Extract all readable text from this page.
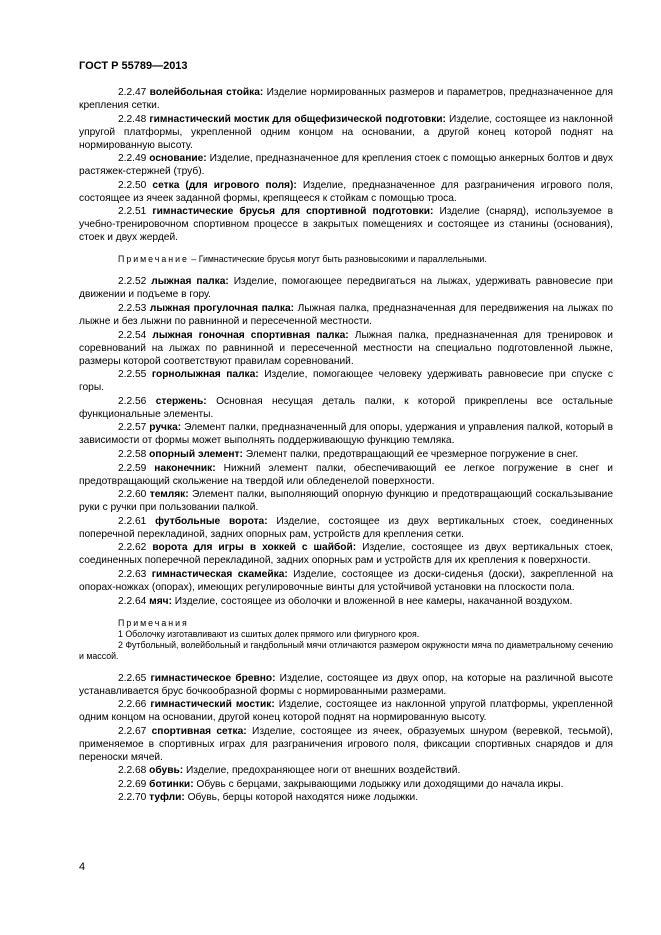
ГОСТ Р 55789—2013

2.2.47 волейбольная стойка: Изделие нормированных размеров и параметров, предназначенное для крепления сетки.

2.2.48 гимнастический мостик для общефизической подготовки: Изделие, состоящее из наклонной упругой платформы, укрепленной одним концом на основании, а другой конец которой поднят на нормированную высоту.

2.2.49 основание: Изделие, предназначенное для крепления стоек с помощью анкерных болтов и двух растяжек-стержней (труб).

2.2.50 сетка (для игрового поля): Изделие, предназначенное для разграничения игрового поля, состоящее из ячеек заданной формы, крепящееся к стойкам с помощью троса.

2.2.51 гимнастические брусья для спортивной подготовки: Изделие (снаряд), используемое в учебно-тренировочном спортивном процессе в закрытых помещениях и состоящее из станины (основания), стоек и двух жердей.

Примечание – Гимнастические брусья могут быть разновысокими и параллельными.

2.2.52 лыжная палка: Изделие, помогающее передвигаться на лыжах, удерживать равновесие при движении и подъеме в гору.

2.2.53 лыжная прогулочная палка: Лыжная палка, предназначенная для передвижения на лыжах по лыжне и без лыжни по равнинной и пересеченной местности.

2.2.54 лыжная гоночная спортивная палка: Лыжная палка, предназначенная для тренировок и соревнований на лыжах по равнинной и пересеченной местности на специально подготовленной лыжне, размеры которой соответствуют правилам соревнований.

2.2.55 горнолыжная палка: Изделие, помогающее человеку удерживать равновесие при спуске с горы.

2.2.56 стержень: Основная несущая деталь палки, к которой прикреплены все остальные функциональные элементы.

2.2.57 ручка: Элемент палки, предназначенный для опоры, удержания и управления палкой, который в зависимости от формы может выполнять поддерживающую функцию темляка.

2.2.58 опорный элемент: Элемент палки, предотвращающий ее чрезмерное погружение в снег.

2.2.59 наконечник: Нижний элемент палки, обеспечивающий ее легкое погружение в снег и предотвращающий скольжение на твердой или обледенелой поверхности.

2.2.60 темляк: Элемент палки, выполняющий опорную функцию и предотвращающий соскальзывание руки с ручки при пользовании палкой.

2.2.61 футбольные ворота: Изделие, состоящее из двух вертикальных стоек, соединенных поперечной перекладиной, задних опорных рам, устройств для крепления сетки.

2.2.62 ворота для игры в хоккей с шайбой: Изделие, состоящее из двух вертикальных стоек, соединенных поперечной перекладиной, задних опорных рам и устройств для их крепления к поверхности.

2.2.63 гимнастическая скамейка: Изделие, состоящее из доски-сиденья (доски), закрепленной на опорах-ножках (опорах), имеющих регулировочные винты для устойчивой установки на плоскости пола.

2.2.64 мяч: Изделие, состоящее из оболочки и вложенной в нее камеры, накачанной воздухом.

Примечания

1 Оболочку изготавливают из сшитых долек прямого или фигурного кроя.

2 Футбольный, волейбольный и гандбольный мячи отличаются размером окружности мяча по диаметральному сечению и массой.

2.2.65 гимнастическое бревно: Изделие, состоящее из двух опор, на которые на различной высоте устанавливается брус бочкообразной формы с нормированными размерами.

2.2.66 гимнастический мостик: Изделие, состоящее из наклонной упругой платформы, укрепленной одним концом на основании, другой конец которой поднят на нормированную высоту.

2.2.67 спортивная сетка: Изделие, состоящее из ячеек, образуемых шнуром (веревкой, тесьмой), применяемое в спортивных играх для разграничения игрового поля, фиксации спортивных снарядов и для переноски мячей.

2.2.68 обувь: Изделие, предохраняющее ноги от внешних воздействий.

2.2.69 ботинки: Обувь с берцами, закрывающими лодыжку или доходящими до начала икры.

2.2.70 туфли: Обувь, берцы которой находятся ниже лодыжки.

4
